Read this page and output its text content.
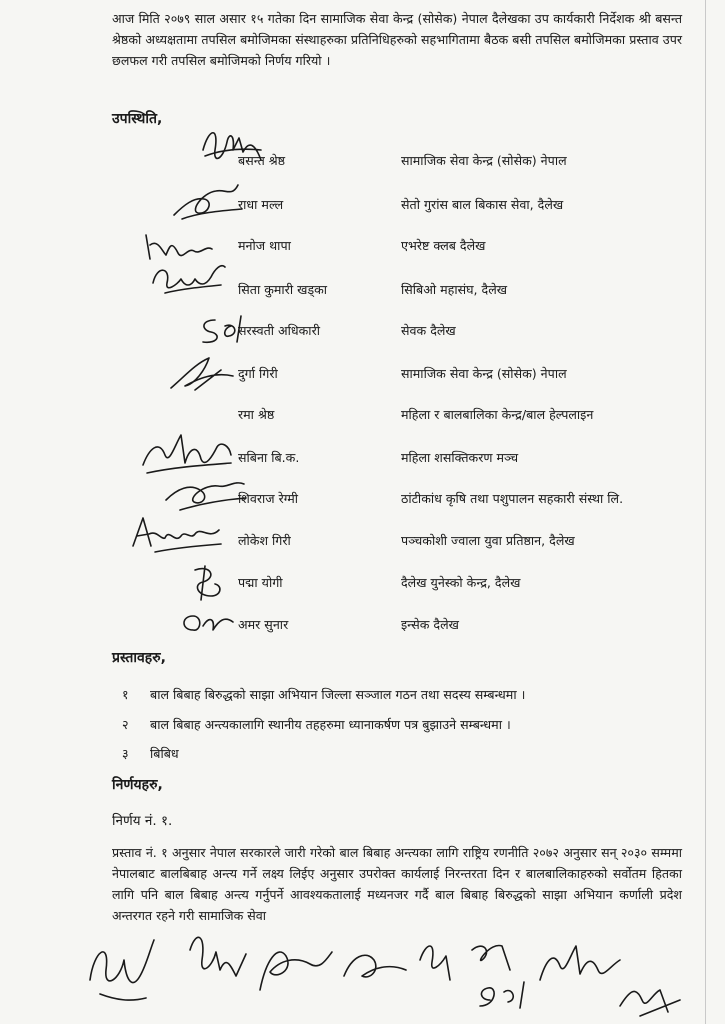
आज मिति २०७९ साल असार १५ गतेका दिन सामाजिक सेवा केन्द्र (सोसेक) नेपाल दैलेखका उप कार्यकारी निर्देशक श्री बसन्त श्रेष्ठको अध्यक्षतामा तपसिल बमोजिमका संस्थाहरुका प्रतिनिधिहरुको सहभागितामा बैठक बसी तपसिल बमोजिमका प्रस्ताव उपर छलफल गरी तपसिल बमोजिमको निर्णय गरियो ।

उपस्थिति,
बसन्त श्रेष्ठ	सामाजिक सेवा केन्द्र (सोसेक) नेपाल
राधा मल्ल	सेतो गुरांस बाल बिकास सेवा, दैलेख
मनोज थापा	एभरेष्ट क्लब दैलेख
सिता कुमारी खड्का	सिबिओ महासंघ, दैलेख
सरस्वती अधिकारी	सेवक दैलेख
दुर्गा गिरी	सामाजिक सेवा केन्द्र (सोसेक) नेपाल
रमा श्रेष्ठ	महिला र बालबालिका केन्द्र/बाल हेल्पलाइन
सबिना बि.क.	महिला शसक्तिकरण मञ्च
शिवराज रेग्मी	ठांटीकांध कृषि तथा पशुपालन सहकारी संस्था लि.
लोकेश गिरी	पञ्चकोशी ज्वाला युवा प्रतिष्ठान, दैलेख
पद्मा योगी	दैलेख युनेस्को केन्द्र, दैलेख
अमर सुनार	इन्सेक दैलेख
प्रस्तावहरु,
१ बाल बिबाह बिरुद्धको साझा अभियान जिल्ला सञ्जाल गठन तथा सदस्य सम्बन्धमा ।
२ बाल बिबाह अन्त्यकालागि स्थानीय तहहरुमा ध्यानाकर्षण पत्र बुझाउने सम्बन्धमा ।
३ बिबिध
निर्णयहरु,
निर्णय नं. १.

प्रस्ताव नं. १ अनुसार नेपाल सरकारले जारी गरेको बाल बिबाह अन्त्यका लागि राष्ट्रिय रणनीति २०७२ अनुसार सन् २०३० सम्ममा नेपालबाट बालबिबाह अन्त्य गर्ने लक्ष्य लिईए अनुसार उपरोक्त कार्यलाई निरन्तरता दिन र बालबालिकाहरुको सर्वोतम हितका लागि पनि बाल बिबाह अन्त्य गर्नुपर्ने आवश्यकतालाई मध्यनजर गर्दै बाल बिबाह बिरुद्धको साझा अभियान कर्णाली प्रदेश अन्तरगत रहने गरी सामाजिक सेवा
